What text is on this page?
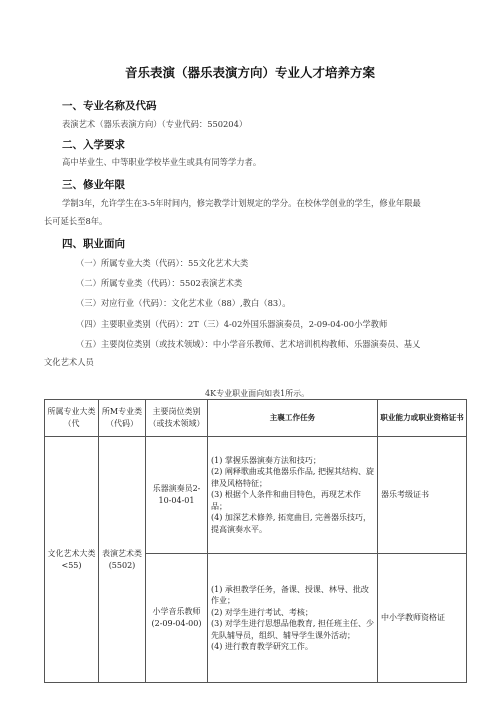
音乐表演（器乐表演方向）专业人才培养方案
一、专业名称及代码
表演艺术（器乐表演方向）（专业代码：550204）
二、入学要求
高中毕业生、中等职业学校毕业生或具有同等学力者。
三、修业年限
学制3年，允许学生在3-5年时间内，修完教学计划规定的学分。在校休学创业的学生，修业年限最
长可延长至8年。
四、职业面向
（一）所属专业大类（代码）：55文化艺术大类
（二）所属专业类（代码）：5502表演艺术类
（三）对应行业（代码）：文化艺术业（88）,教白（83）。
（四）主要职业类别（代码）：2T（三）4-02外国乐器演奏员，2-09-04-00小学教师
（五）主要岗位类别（或技术领域）：中小学音乐教师、艺术培训机构教师、乐器演奏员、基乂
文化艺术人员
4K专业职业面向如表1所示。
所属专业大类（代	所M专业类（代码）	主要岗位类别（或技术领域）	主襄工作任务	职业能力或职业资格证书
文化艺术大类<55)	表演艺术类(5502)	乐器演奏员2-10-04-01	(1) 掌握乐器演奏方法和技巧；
(2) 阐释歌曲或其他器乐作品, 把握其结构、旋律及风格特征；
(3) 根据个人条件和曲目特色，再现艺术作品；
(4) 加深艺术修养, 拓宽曲目, 完善器乐技巧，提高演奏水平。	器乐考级证书
		小学音乐教师(2-09-04-00)	(1) 承担教学任务，备课、授课、林导、批改作业；
(2) 对学生进行考试、考核；
(3) 对学生进行思想品他教育, 担任班主任、少先队辅导员，组织、辅导学生课外活动；
(4) 进行教育教学研究工作。	中小学教师资格证
